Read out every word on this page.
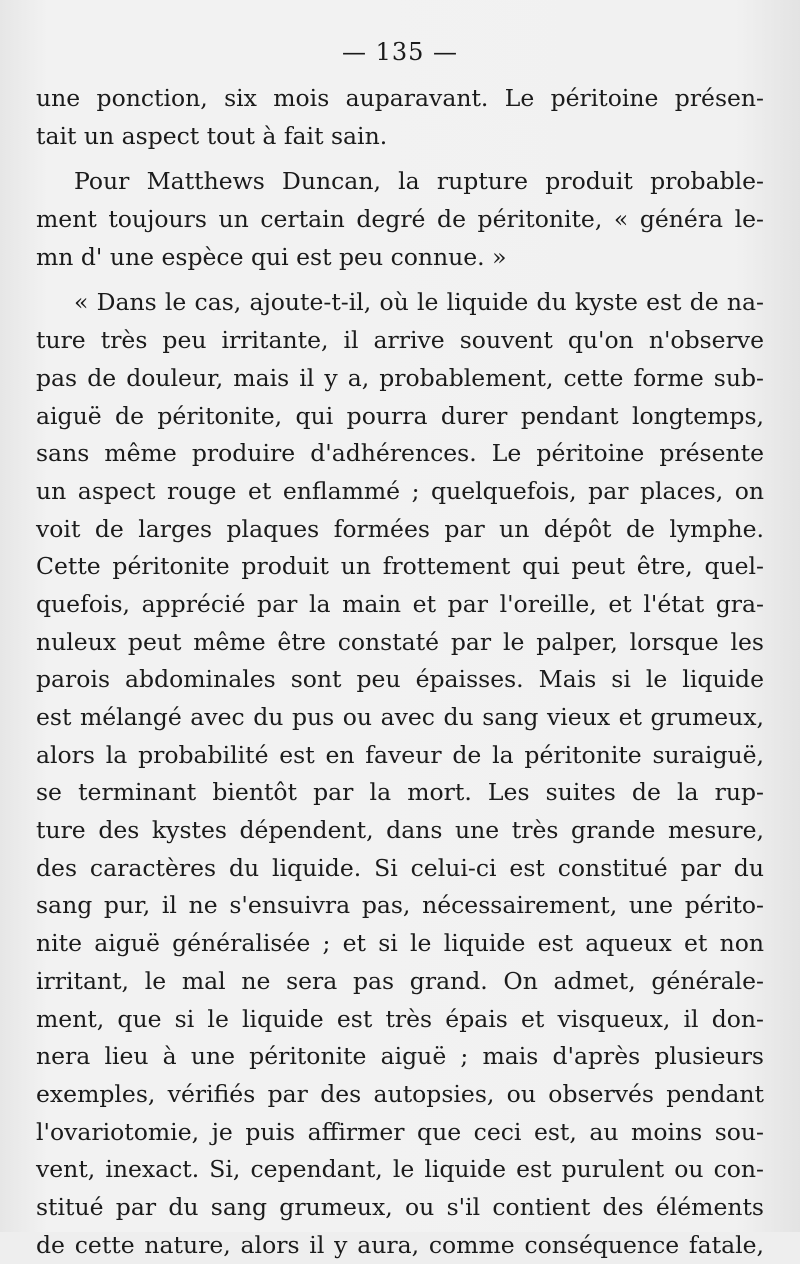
— 135 —
une ponction, six mois auparavant. Le péritoine présen-
tait un aspect tout à fait sain.
Pour Matthews Duncan, la rupture produit probable-
ment toujours un certain degré de péritonite, « généra le-
mn d' une espèce qui est peu connue. »
« Dans le cas, ajoute-t-il, où le liquide du kyste est de na-
ture très peu irritante, il arrive souvent qu'on n'observe
pas de douleur, mais il y a, probablement, cette forme sub-
aiguë de péritonite, qui pourra durer pendant longtemps,
sans même produire d'adhérences. Le péritoine présente
un aspect rouge et enflammé ; quelquefois, par places, on
voit de larges plaques formées par un dépôt de lymphe.
Cette péritonite produit un frottement qui peut être, quel-
quefois, apprécié par la main et par l'oreille, et l'état gra-
nuleux peut même être constaté par le palper, lorsque les
parois abdominales sont peu épaisses. Mais si le liquide
est mélangé avec du pus ou avec du sang vieux et grumeux,
alors la probabilité est en faveur de la péritonite suraiguë,
se terminant bientôt par la mort. Les suites de la rup-
ture des kystes dépendent, dans une très grande mesure,
des caractères du liquide. Si celui-ci est constitué par du
sang pur, il ne s'ensuivra pas, nécessairement, une périto-
nite aiguë généralisée ; et si le liquide est aqueux et non
irritant, le mal ne sera pas grand. On admet, générale-
ment, que si le liquide est très épais et visqueux, il don-
nera lieu à une péritonite aiguë ; mais d'après plusieurs
exemples, vérifiés par des autopsies, ou observés pendant
l'ovariotomie, je puis affirmer que ceci est, au moins sou-
vent, inexact. Si, cependant, le liquide est purulent ou con-
stitué par du sang grumeux, ou s'il contient des éléments
de cette nature, alors il y aura, comme conséquence fatale,
